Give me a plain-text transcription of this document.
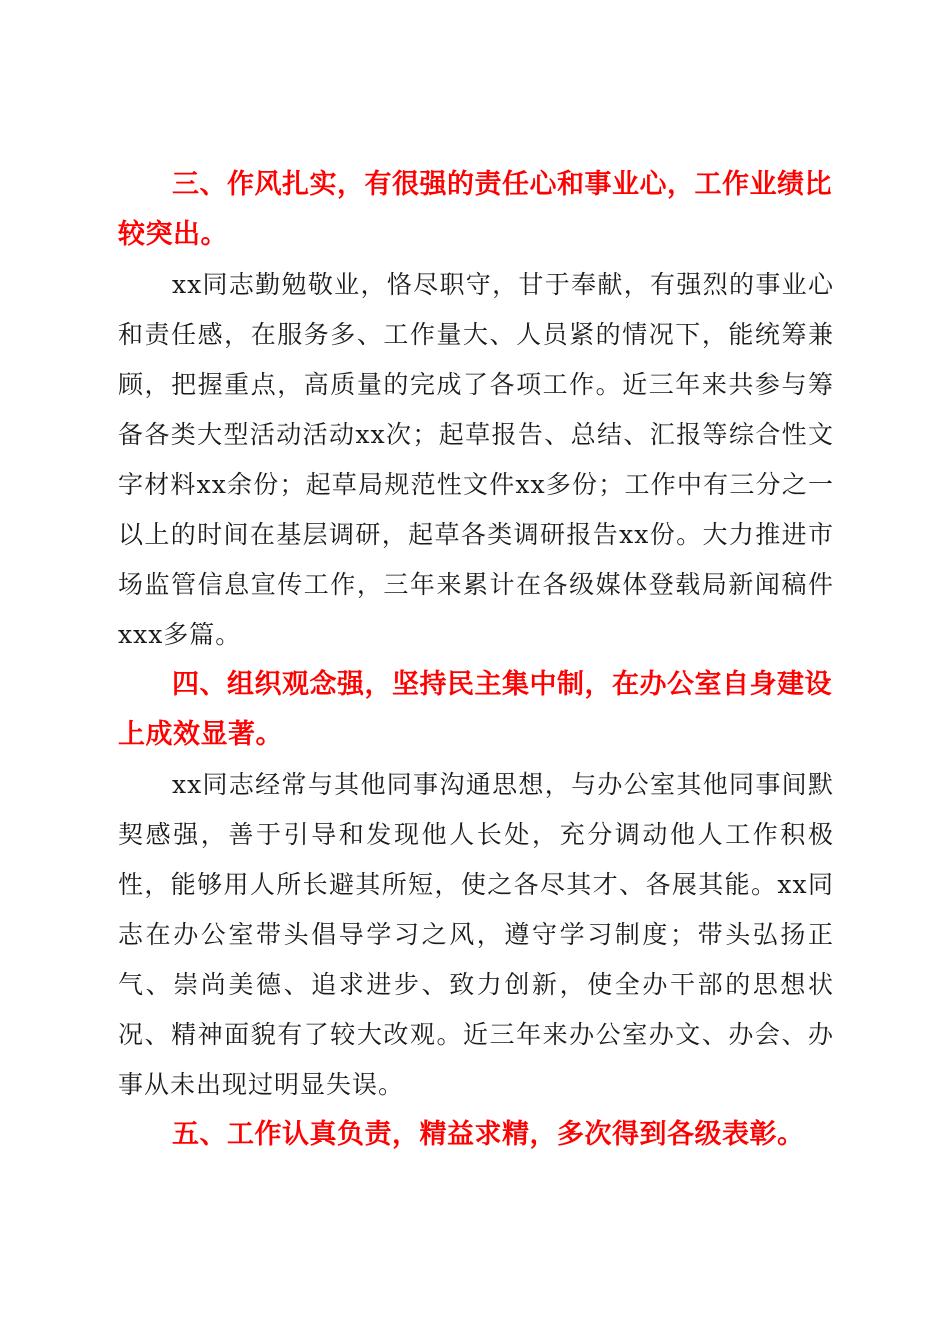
三、作风扎实，有很强的责任心和事业心，工作业绩比较突出。

xx同志勤勉敬业，恪尽职守，甘于奉献，有强烈的事业心和责任感，在服务多、工作量大、人员紧的情况下，能统筹兼顾，把握重点，高质量的完成了各项工作。近三年来共参与筹备各类大型活动活动xx次；起草报告、总结、汇报等综合性文字材料xx余份；起草局规范性文件xx多份；工作中有三分之一以上的时间在基层调研，起草各类调研报告xx份。大力推进市场监管信息宣传工作，三年来累计在各级媒体登载局新闻稿件xxx多篇。

四、组织观念强，坚持民主集中制，在办公室自身建设上成效显著。

xx同志经常与其他同事沟通思想，与办公室其他同事间默契感强，善于引导和发现他人长处，充分调动他人工作积极性，能够用人所长避其所短，使之各尽其才、各展其能。xx同志在办公室带头倡导学习之风，遵守学习制度；带头弘扬正气、崇尚美德、追求进步、致力创新，使全办干部的思想状况、精神面貌有了较大改观。近三年来办公室办文、办会、办事从未出现过明显失误。

五、工作认真负责，精益求精，多次得到各级表彰。
